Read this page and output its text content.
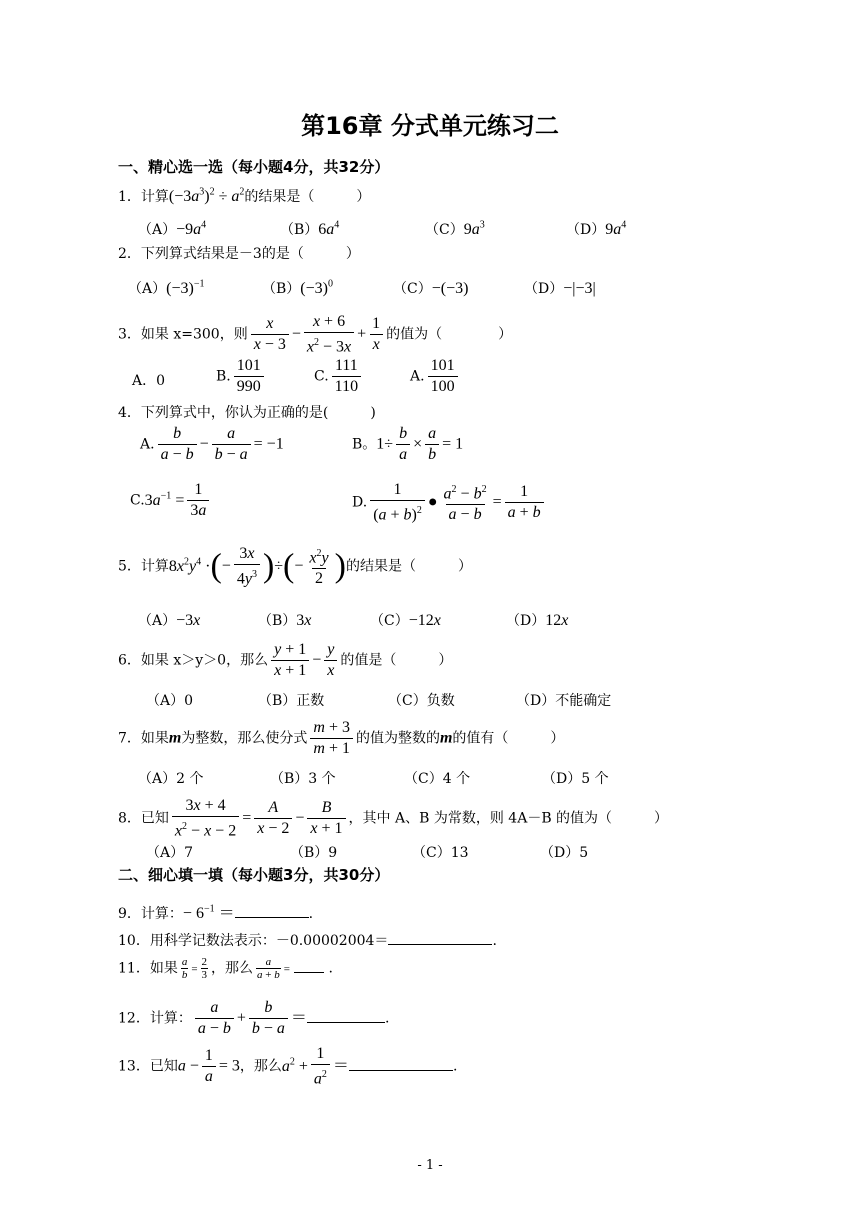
第16章 分式单元练习二
一、精心选一选（每小题4分，共32分）
1．计算$(-3a^3)^2 \div a^2$的结果是（　　　）
$(A)-9a^4$	$(B)6a^4$	$(C)9a^3$	$(D)9a^4$
2．下列算式结果是－3的是（　　　）
$(A)(-3)^{-1}$	$(B)(-3)^0$	（C）−(−3)	（D）−|−3|
3．如果 x=300，则 $\frac{x}{x - 3} - \frac{x + 6}{x^2 - 3x} + \frac{1}{x}$ 的值为（　　　　）
A．0	B. $\frac{101}{990}$	C. $\frac{111}{110}$	A. $\frac{101}{100}$
4．下列算式中，你认为正确的是(　　　)
A. $\frac{b}{a - b} - \frac{a}{b - a} = -1$	B。$1\div \frac{b}{a} \times \frac{a}{b} = 1$
$C.3a^{-1} = \frac{1}{3a}$	D. $\frac{1}{(a + b)^2}$ ● $\frac{a^2 - b^2}{a - b} = \frac{1}{a + b}$
5．计算$8x^2y^4$ ·(− $\frac{3x}{4y^3}$ )÷(− $\frac{x^2y}{2}$ )的结果是（　　　）
（A）−3x	（B）3x	（C）−12x	（D）12x
6．如果 x＞y＞0，那么 $\frac{y + 1}{x + 1} - \frac{y}{x}$ 的值是（　　　）
（A）0	（B）正数	（C）负数	（D）不能确定
7．如果m为整数，那么使分式 $\frac{m + 3}{m + 1}$ 的值为整数的m的值有（　　　）
（A）2 个	（B）3 个	（C）4 个	（D）5 个
8．已知 $\frac{3x + 4}{x^2 - x - 2} = \frac{A}{x - 2} - \frac{B}{x + 1}$ ，其中 A、B 为常数，则 4A－B 的值为（　　　）
（A）7	（B）9	（C）13	（D）5
二、细心填一填（每小题3分，共30分）
9．计算：− $6^{-1}$ ＝	.
10．用科学记数法表示：－0.00002004＝	.
11．如果 $\frac{a}{b} = \frac{2}{3}$ ，那么 $\frac{a}{a + b}$ =	.
12．计算： $\frac{a}{a - b} + \frac{b}{b - a}$ ＝	.
13．已知$a - \frac{1}{a} = 3$，那么$a^2 + \frac{1}{a^2}$ ＝	.
- 1 -
